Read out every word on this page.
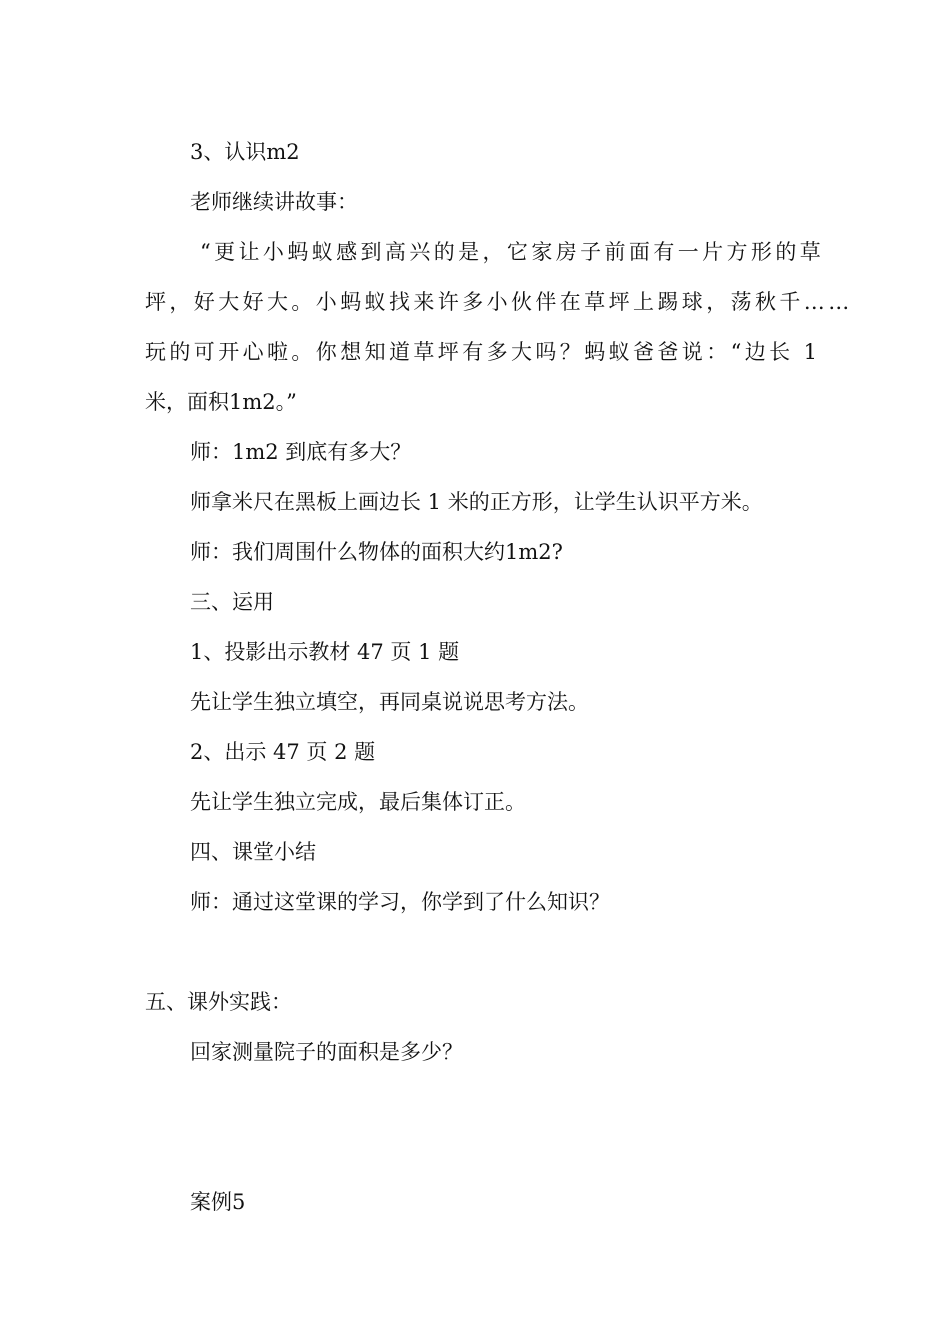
3、认识m2
老师继续讲故事：
“更让小蚂蚁感到高兴的是，它家房子前面有一片方形的草
坪，好大好大。小蚂蚁找来许多小伙伴在草坪上踢球，荡秋千……
玩的可开心啦。你想知道草坪有多大吗？蚂蚁爸爸说：“边长 1
米，面积1m2。”
师：1m2 到底有多大？
师拿米尺在黑板上画边长 1 米的正方形，让学生认识平方米。
师：我们周围什么物体的面积大约1m2?
三、运用
1、投影出示教材 47 页 1 题
先让学生独立填空，再同桌说说思考方法。
2、出示 47 页 2 题
先让学生独立完成，最后集体订正。
四、课堂小结
师：通过这堂课的学习，你学到了什么知识？
五、课外实践：
回家测量院子的面积是多少？
案例5
